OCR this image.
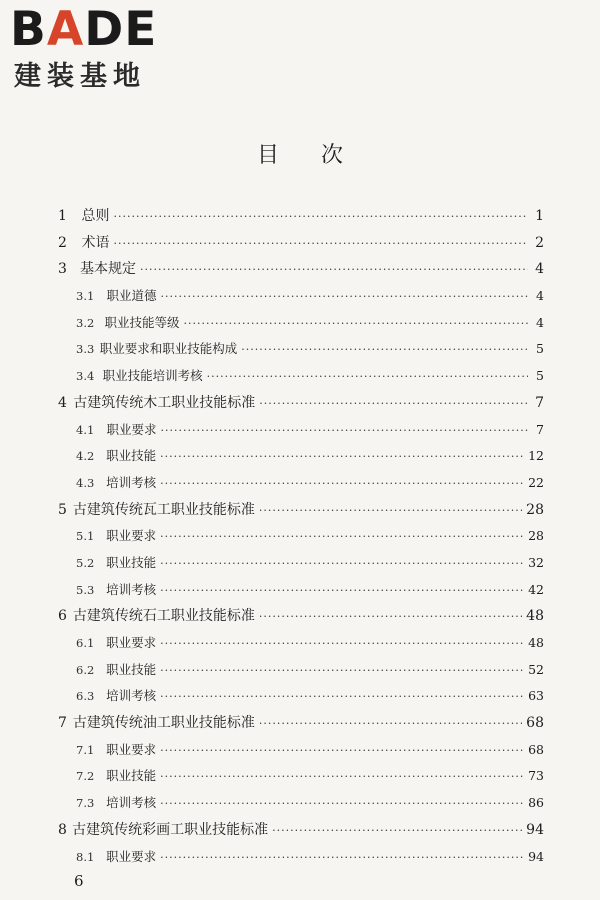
BADE
建装基地
目次
1	总则 ·····	1
2	术语 ·····	2
3 基本规定 ·····	4
3.1 职业道德 ·····	4
3.2 职业技能等级 ·····	4
3.3 职业要求和职业技能构成 ·····	5
3.4 职业技能培训考核 ·····	5
4 古建筑传统木工职业技能标准 ·····	7
4.1 职业要求 ·····	7
4.2 职业技能 ·····	12
4.3 培训考核 ·····	22
5 古建筑传统瓦工职业技能标准 ·····	28
5.1 职业要求 ·····	28
5.2 职业技能 ·····	32
5.3 培训考核 ·····	42
6 古建筑传统石工职业技能标准 ·····	48
6.1 职业要求 ·····	48
6.2 职业技能 ·····	52
6.3 培训考核 ·····	63
7 古建筑传统油工职业技能标准 ·····	68
7.1 职业要求 ·····	68
7.2 职业技能 ·····	73
7.3 培训考核 ·····	86
8 古建筑传统彩画工职业技能标准 ·····	94
8.1 职业要求 ·····	94
6
